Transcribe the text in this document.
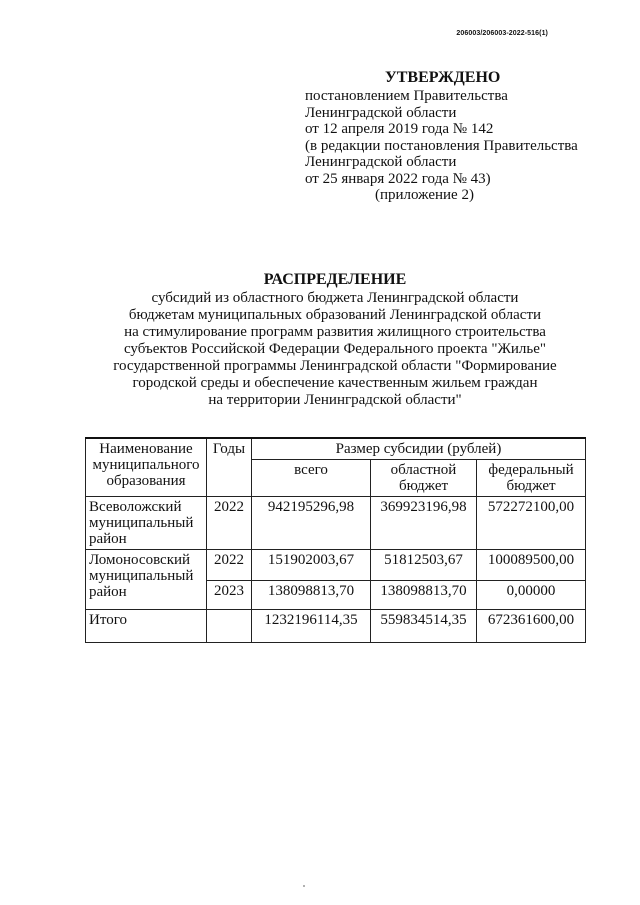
206003/206003-2022-516(1)
УТВЕРЖДЕНО
постановлением Правительства
Ленинградской области
от 12 апреля 2019 года № 142
(в редакции постановления Правительства
Ленинградской области
от 25 января 2022 года № 43)
(приложение 2)
РАСПРЕДЕЛЕНИЕ
субсидий из областного бюджета Ленинградской области
бюджетам муниципальных образований Ленинградской области
на стимулирование программ развития жилищного строительства
субъектов Российской Федерации Федерального проекта "Жилье"
государственной программы Ленинградской области "Формирование
городской среды и обеспечение качественным жильем граждан
на территории Ленинградской области"
Наименование муниципального образования	Годы	Размер субсидии (рублей)		
		всего	областной бюджет	федеральный бюджет
Всеволожский муниципальный район	2022	942195296,98	369923196,98	572272100,00
Ломоносовский муниципальный район	2022	151902003,67	51812503,67	100089500,00
	2023	138098813,70	138098813,70	0,00000
Итого		1232196114,35	559834514,35	672361600,00
